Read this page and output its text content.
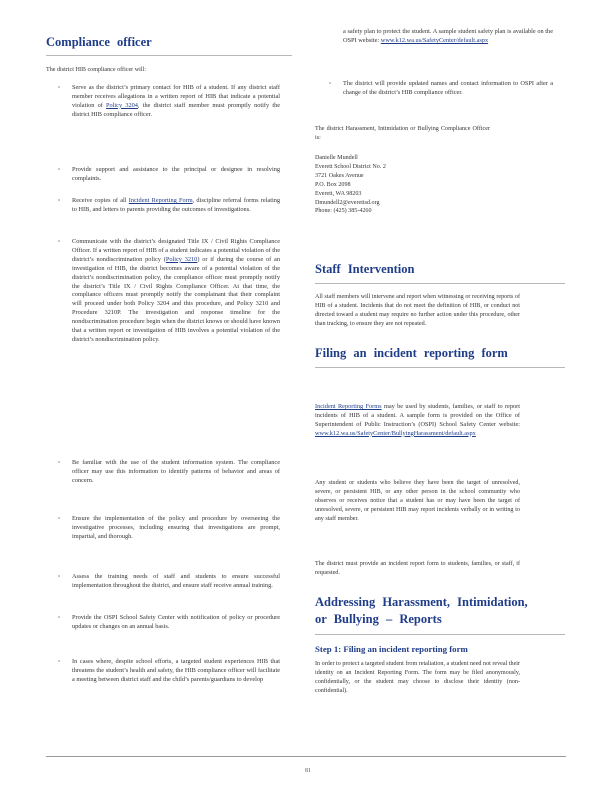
Compliance officer

The district HIB compliance officer will:

▫ Serve as the district’s primary contact for HIB of a student. If any district staff member receives allegations in a written report of HIB that indicate a potential violation of Policy 3204, the district staff member must promptly notify the district HIB compliance officer.
▫ Provide support and assistance to the principal or designee in resolving complaints.
▫ Receive copies of all Incident Reporting Form, discipline referral forms relating to HIB, and letters to parents providing the outcomes of investigations.
▫ Communicate with the district’s designated Title IX / Civil Rights Compliance Officer. If a written report of HIB of a student indicates a potential violation of the district’s nondiscrimination policy (Policy 3210) or if during the course of an investigation of HIB, the district becomes aware of a potential violation of the district’s nondiscrimination policy, the compliance officer must promptly notify the district’s Title IX / Civil Rights Compliance Officer. At that time, the compliance officers must promptly notify the complainant that their complaint will proceed under both Policy 3204 and this procedure, and Policy 3210 and Procedure 3210P. The investigation and response timeline for the nondiscrimination procedure begin when the district knows or should have known that a written report or investigation of HIB involves a potential violation of the district’s nondiscrimination policy.
▫ Be familiar with the use of the student information system. The compliance officer may use this information to identify patterns of behavior and areas of concern.
▫ Ensure the implementation of the policy and procedure by overseeing the investigative processes, including ensuring that investigations are prompt, impartial, and thorough.
▫ Assess the training needs of staff and students to ensure successful implementation throughout the district, and ensure staff receive annual training.
▫ Provide the OSPI School Safety Center with notification of policy or procedure updates or changes on an annual basis.
▫ In cases where, despite school efforts, a targeted student experiences HIB that threatens the student’s health and safety, the HIB compliance officer will facilitate a meeting between district staff and the child’s parents/guardians to develop
a safety plan to protect the student. A sample student safety plan is available on the OSPI website: www.k12.wa.us/SafetyCenter/default.aspx
▫ The district will provide updated names and contact information to OSPI after a change of the district’s HIB compliance officer.

The district Harassment, Intimidation or Bullying Compliance Officer is:

Danielle Mundell
Everett School District No. 2
3721 Oakes Avenue
P.O. Box 2098
Everett, WA 98203
Dmundell2@everettsd.org
Phone: (425) 385-4260
Staff Intervention

All staff members will intervene and report when witnessing or receiving reports of HIB of a student. Incidents that do not meet the definition of HIB, or conduct not directed toward a student may require no further action under this procedure, other than tracking, to ensure they are not repeated.

Filing an incident reporting form
Incident Reporting Forms may be used by students, families, or staff to report incidents of HIB of a student. A sample form is provided on the Office of Superintendent of Public Instruction’s (OSPI) School Safety Center website: www.k12.wa.us/SafetyCenter/BullyingHarassment/default.aspx

Any student or students who believe they have been the target of unresolved, severe, or persistent HIB, or any other person in the school community who observes or receives notice that a student has or may have been the target of unresolved, severe, or persistent HIB may report incidents verbally or in writing to any staff member.

The district must provide an incident report form to students, families, or staff, if requested.

Addressing Harassment, Intimidation,
or Bullying – Reports
Step 1: Filing an incident reporting form

In order to protect a targeted student from retaliation, a student need not reveal their identity on an Incident Reporting Form. The form may be filed anonymously, confidentially, or the student may choose to disclose their identity (non-confidential).

81
